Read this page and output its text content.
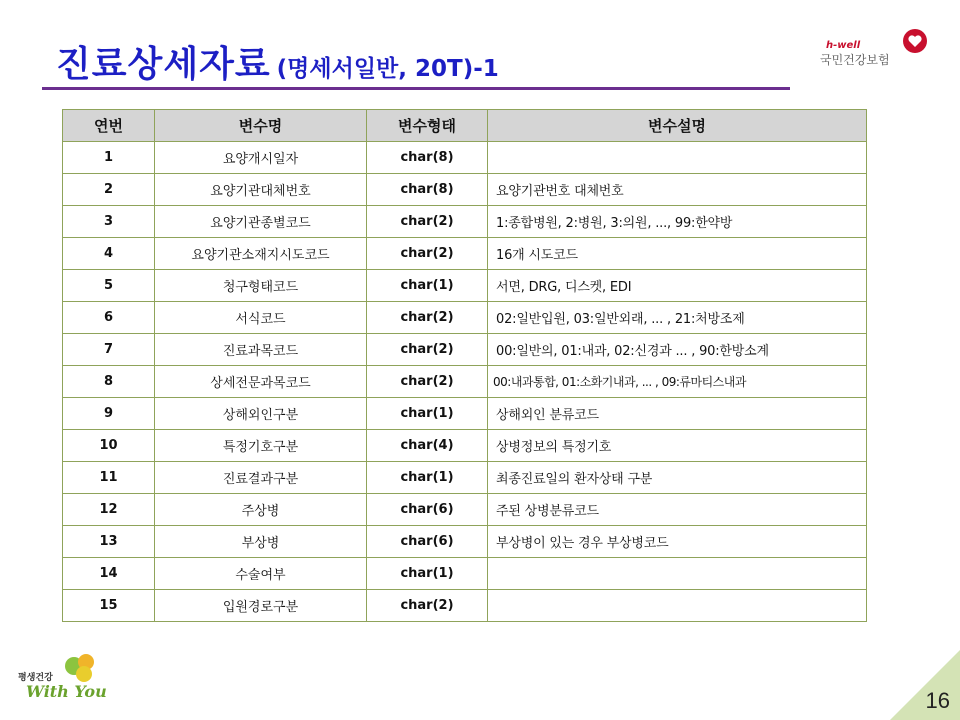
진료상세자료 (명세서일반, 20T)-1
h-well
국민건강보험
연번	변수명	변수형태	변수설명
1	요양개시일자	char(8)	
2	요양기관대체번호	char(8)	요양기관번호 대체번호
3	요양기관종별코드	char(2)	1:종합병원, 2:병원, 3:의원, ..., 99:한약방
4	요양기관소재지시도코드	char(2)	16개 시도코드
5	청구형태코드	char(1)	서면, DRG, 디스켓, EDI
6	서식코드	char(2)	02:일반입원, 03:일반외래, ... , 21:처방조제
7	진료과목코드	char(2)	00:일반의, 01:내과, 02:신경과 ... , 90:한방소계
8	상세전문과목코드	char(2)	00:내과통합, 01:소화기내과, ... , 09:류마티스내과
9	상해외인구분	char(1)	상해외인 분류코드
10	특정기호구분	char(4)	상병정보의 특정기호
11	진료결과구분	char(1)	최종진료일의 환자상태 구분
12	주상병	char(6)	주된 상병분류코드
13	부상병	char(6)	부상병이 있는 경우 부상병코드
14	수술여부	char(1)	
15	입원경로구분	char(2)	
평생건강
With You	16
